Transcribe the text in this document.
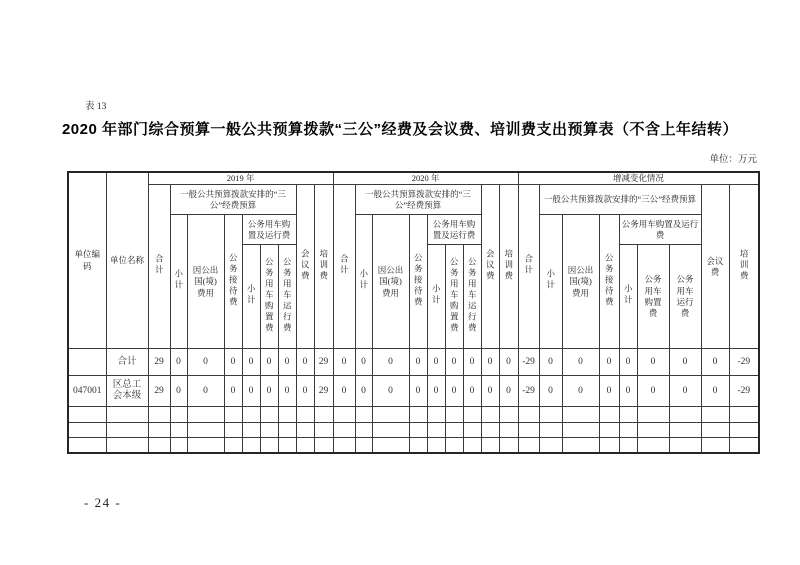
表 13
2020 年部门综合预算一般公共预算拨款“三公”经费及会议费、培训费支出预算表（不含上年结转）
单位：万元
单位编码	单位名称	2019 年									2020 年									增减变化情况								
		合计	一般公共预算拨款安排的“三公”经费预算						会议费	培训费	合计	一般公共预算拨款安排的“三公”经费预算						会议费	培训费	合计	一般公共预算拨款安排的“三公”经费预算						会议费	培训费
			小计	因公出国(境)费用	公务接待费	公务用车购置及运行费						小计	因公出国(境)费用	公务接待费	公务用车购置及运行费						小计	因公出国(境)费用	公务接待费	公务用车购置及运行费				
						小计	公务用车购置费	公务用车运行费							小计	公务用车购置费	公务用车运行费							小计	公务用车购置费	公务用车运行费		
	合计	29	0	0	0	0	0	0	0	29	0	0	0	0	0	0	0	0	0	-29	0	0	0	0	0	0	0	-29
047001	区总工会本级	29	0	0	0	0	0	0	0	29	0	0	0	0	0	0	0	0	0	-29	0	0	0	0	0	0	0	-29

- 24 -
